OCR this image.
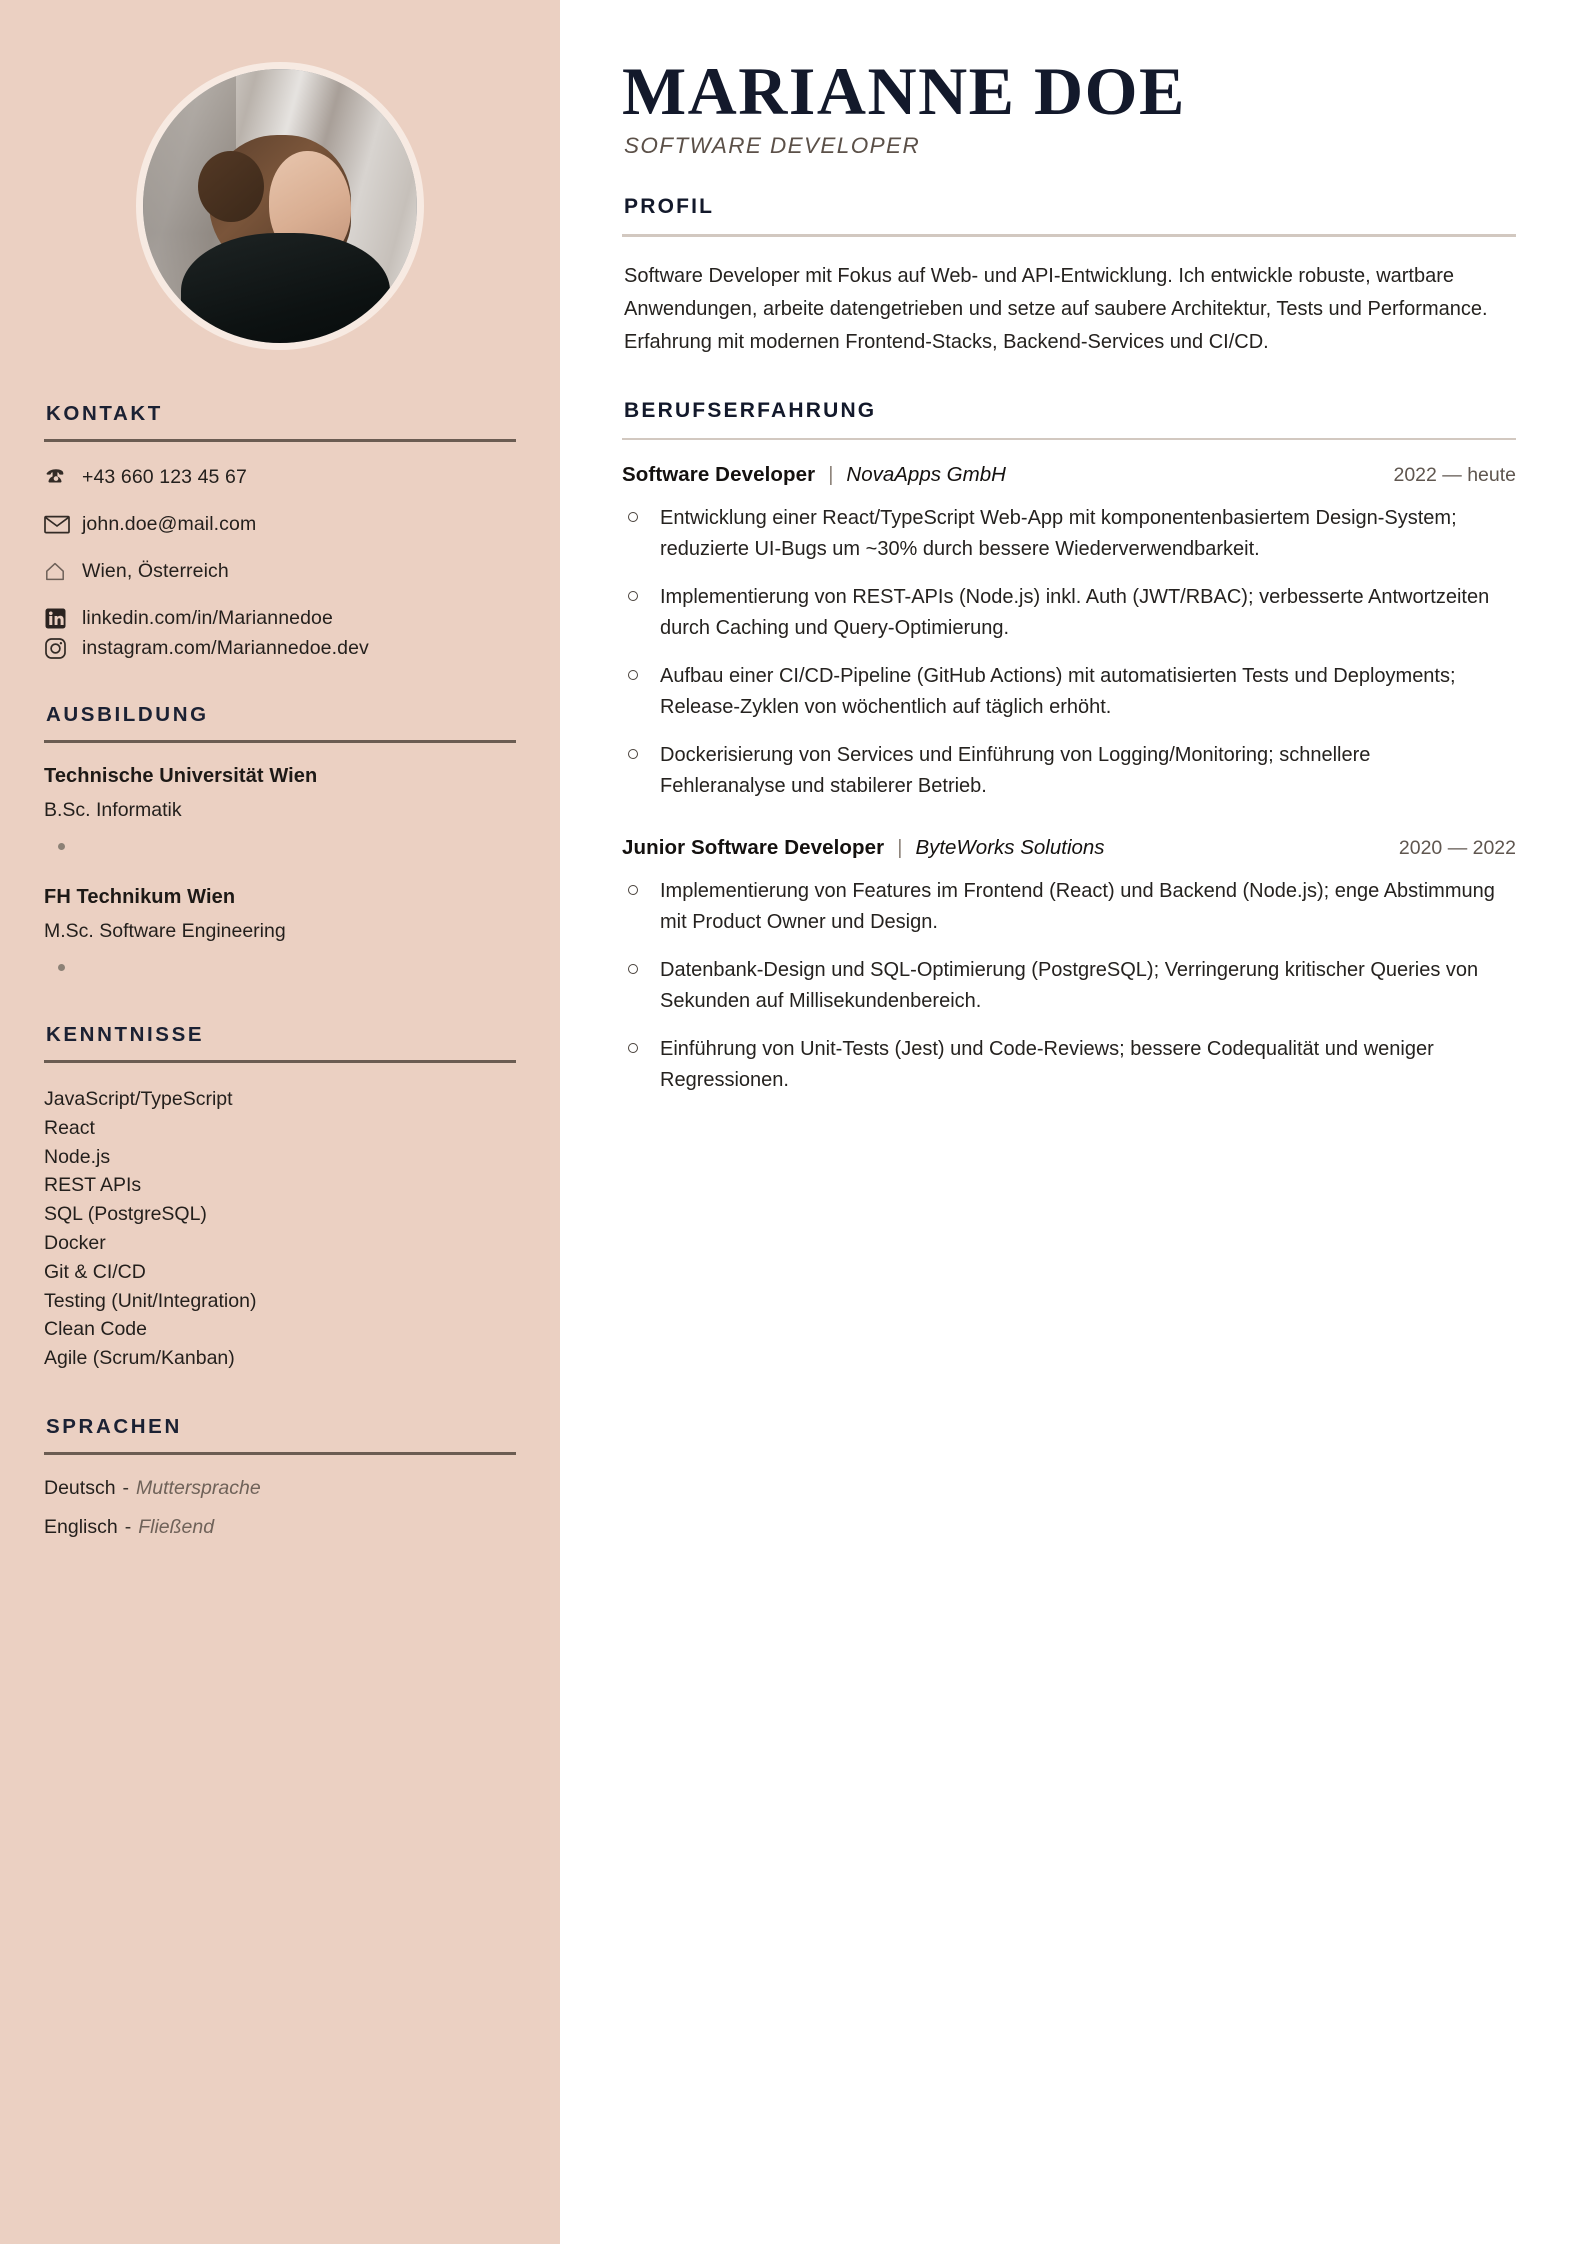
KONTAKT
+43 660 123 45 67
john.doe@mail.com
Wien, Österreich
linkedin.com/in/Mariannedoe
instagram.com/Mariannedoe.dev
AUSBILDUNG
Technische Universität Wien
B.Sc. Informatik
FH Technikum Wien
M.Sc. Software Engineering
KENNTNISSE
JavaScript/TypeScript
React
Node.js
REST APIs
SQL (PostgreSQL)
Docker
Git & CI/CD
Testing (Unit/Integration)
Clean Code
Agile (Scrum/Kanban)
SPRACHEN
Deutsch - Muttersprache
Englisch - Fließend
MARIANNE DOE
SOFTWARE DEVELOPER
PROFIL

Software Developer mit Fokus auf Web- und API-Entwicklung. Ich entwickle robuste, wartbare Anwendungen, arbeite datengetrieben und setze auf saubere Architektur, Tests und Performance. Erfahrung mit modernen Frontend-Stacks, Backend-Services und CI/CD.

BERUFSERFAHRUNG
Software Developer | NovaApps GmbH	2022 — heute
Entwicklung einer React/TypeScript Web-App mit komponentenbasiertem Design-System; reduzierte UI-Bugs um ~30% durch bessere Wiederverwendbarkeit.
Implementierung von REST-APIs (Node.js) inkl. Auth (JWT/RBAC); verbesserte Antwortzeiten durch Caching und Query-Optimierung.
Aufbau einer CI/CD-Pipeline (GitHub Actions) mit automatisierten Tests und Deployments; Release-Zyklen von wöchentlich auf täglich erhöht.
Dockerisierung von Services und Einführung von Logging/Monitoring; schnellere Fehleranalyse und stabilerer Betrieb.
Junior Software Developer | ByteWorks Solutions	2020 — 2022
Implementierung von Features im Frontend (React) und Backend (Node.js); enge Abstimmung mit Product Owner und Design.
Datenbank-Design und SQL-Optimierung (PostgreSQL); Verringerung kritischer Queries von Sekunden auf Millisekundenbereich.
Einführung von Unit-Tests (Jest) und Code-Reviews; bessere Codequalität und weniger Regressionen.
